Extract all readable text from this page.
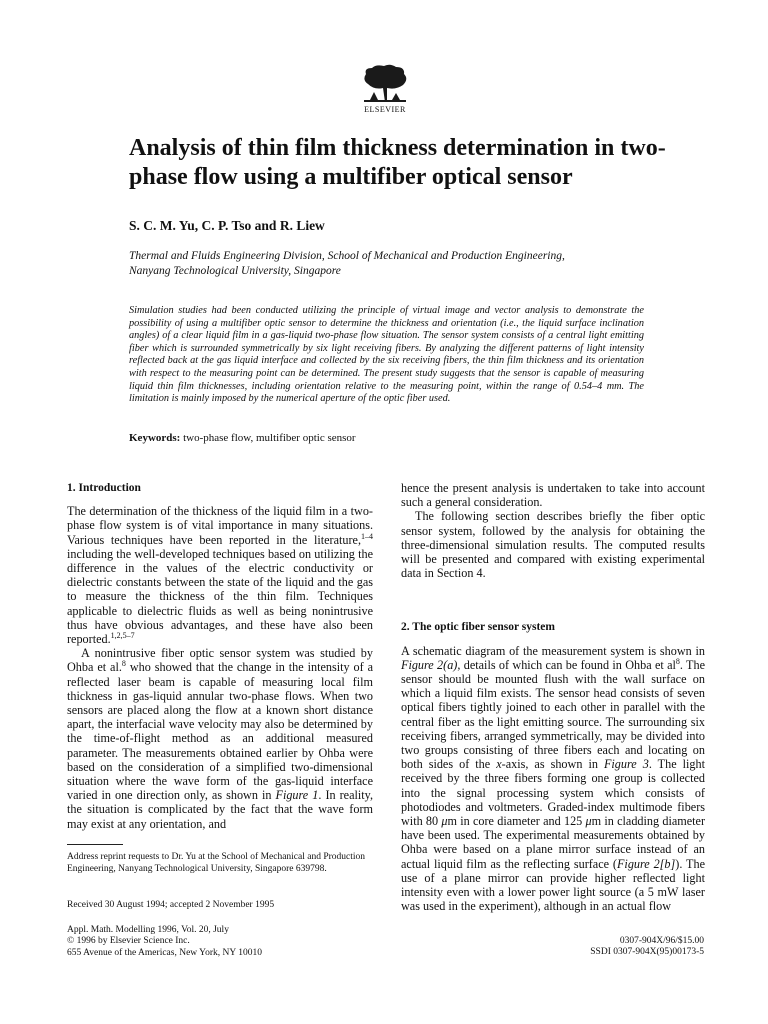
ELSEVIER
Analysis of thin film thickness determination in two-phase flow using a multifiber optical sensor
S. C. M. Yu, C. P. Tso and R. Liew
Thermal and Fluids Engineering Division, School of Mechanical and Production Engineering,
Nanyang Technological University, Singapore
Simulation studies had been conducted utilizing the principle of virtual image and vector analysis to demonstrate the possibility of using a multifiber optic sensor to determine the thickness and orientation (i.e., the liquid surface inclination angles) of a clear liquid film in a gas-liquid two-phase flow situation. The sensor system consists of a central light emitting fiber which is surrounded symmetrically by six light receiving fibers. By analyzing the different patterns of light intensity reflected back at the gas liquid interface and collected by the six receiving fibers, the thin film thickness and its orientation with respect to the measuring point can be determined. The present study suggests that the sensor is capable of measuring liquid thin film thicknesses, including orientation relative to the measuring point, within the range of 0.54–4 mm. The limitation is mainly imposed by the numerical aperture of the optic fiber used.
Keywords: two-phase flow, multifiber optic sensor
1. Introduction

The determination of the thickness of the liquid film in a two-phase flow system is of vital importance in many situations. Various techniques have been reported in the literature,$^{1-4}$ including the well-developed techniques based on utilizing the difference in the values of the electric conductivity or dielectric constants between the state of the liquid and the gas to measure the thickness of the thin film. Techniques applicable to dielectric fluids as well as being nonintrusive thus have obvious advantages, and these have also been reported.$^{1,2,5-7}$

A nonintrusive fiber optic sensor system was studied by Ohba et al.$^8$ who showed that the change in the intensity of a reflected laser beam is capable of measuring local film thickness in gas-liquid annular two-phase flows. When two sensors are placed along the flow at a known short distance apart, the interfacial wave velocity may also be determined by the time-of-flight method as an additional measured parameter. The measurements obtained earlier by Ohba were based on the consideration of a simplified two-dimensional situation where the wave form of the gas-liquid interface varied in one direction only, as shown in Figure 1. In reality, the situation is complicated by the fact that the wave form may exist at any orientation, and

hence the present analysis is undertaken to take into account such a general consideration.

The following section describes briefly the fiber optic sensor system, followed by the analysis for obtaining the three-dimensional simulation results. The computed results will be presented and compared with existing experimental data in Section 4.

2. The optic fiber sensor system

A schematic diagram of the measurement system is shown in Figure 2(a), details of which can be found in Ohba et $al^8$. The sensor should be mounted flush with the wall surface on which a liquid film exists. The sensor head consists of seven optical fibers tightly joined to each other in parallel with the central fiber as the light emitting source. The surrounding six receiving fibers, arranged symmetrically, may be divided into two groups consisting of three fibers each and locating on both sides of the x-axis, as shown in Figure 3. The light received by the three fibers forming one group is collected into the signal processing system which consists of photodiodes and voltmeters. Graded-index multimode fibers with 80 μm in core diameter and 125 μm in cladding diameter have been used. The experimental measurements obtained by Ohba were based on a plane mirror surface instead of an actual liquid film as the reflecting surface (Figure 2[b]). The use of a plane mirror can provide higher reflected light intensity even with a lower power light source (a 5 mW laser was used in the experiment), although in an actual flow

Address reprint requests to Dr. Yu at the School of Mechanical and Production Engineering, Nanyang Technological University, Singapore 639798.
Received 30 August 1994; accepted 2 November 1995
Appl. Math. Modelling 1996, Vol. 20, July
© 1996 by Elsevier Science Inc.
655 Avenue of the Americas, New York, NY 10010
0307-904X/96/$15.00
SSDI 0307-904X(95)00173-5
